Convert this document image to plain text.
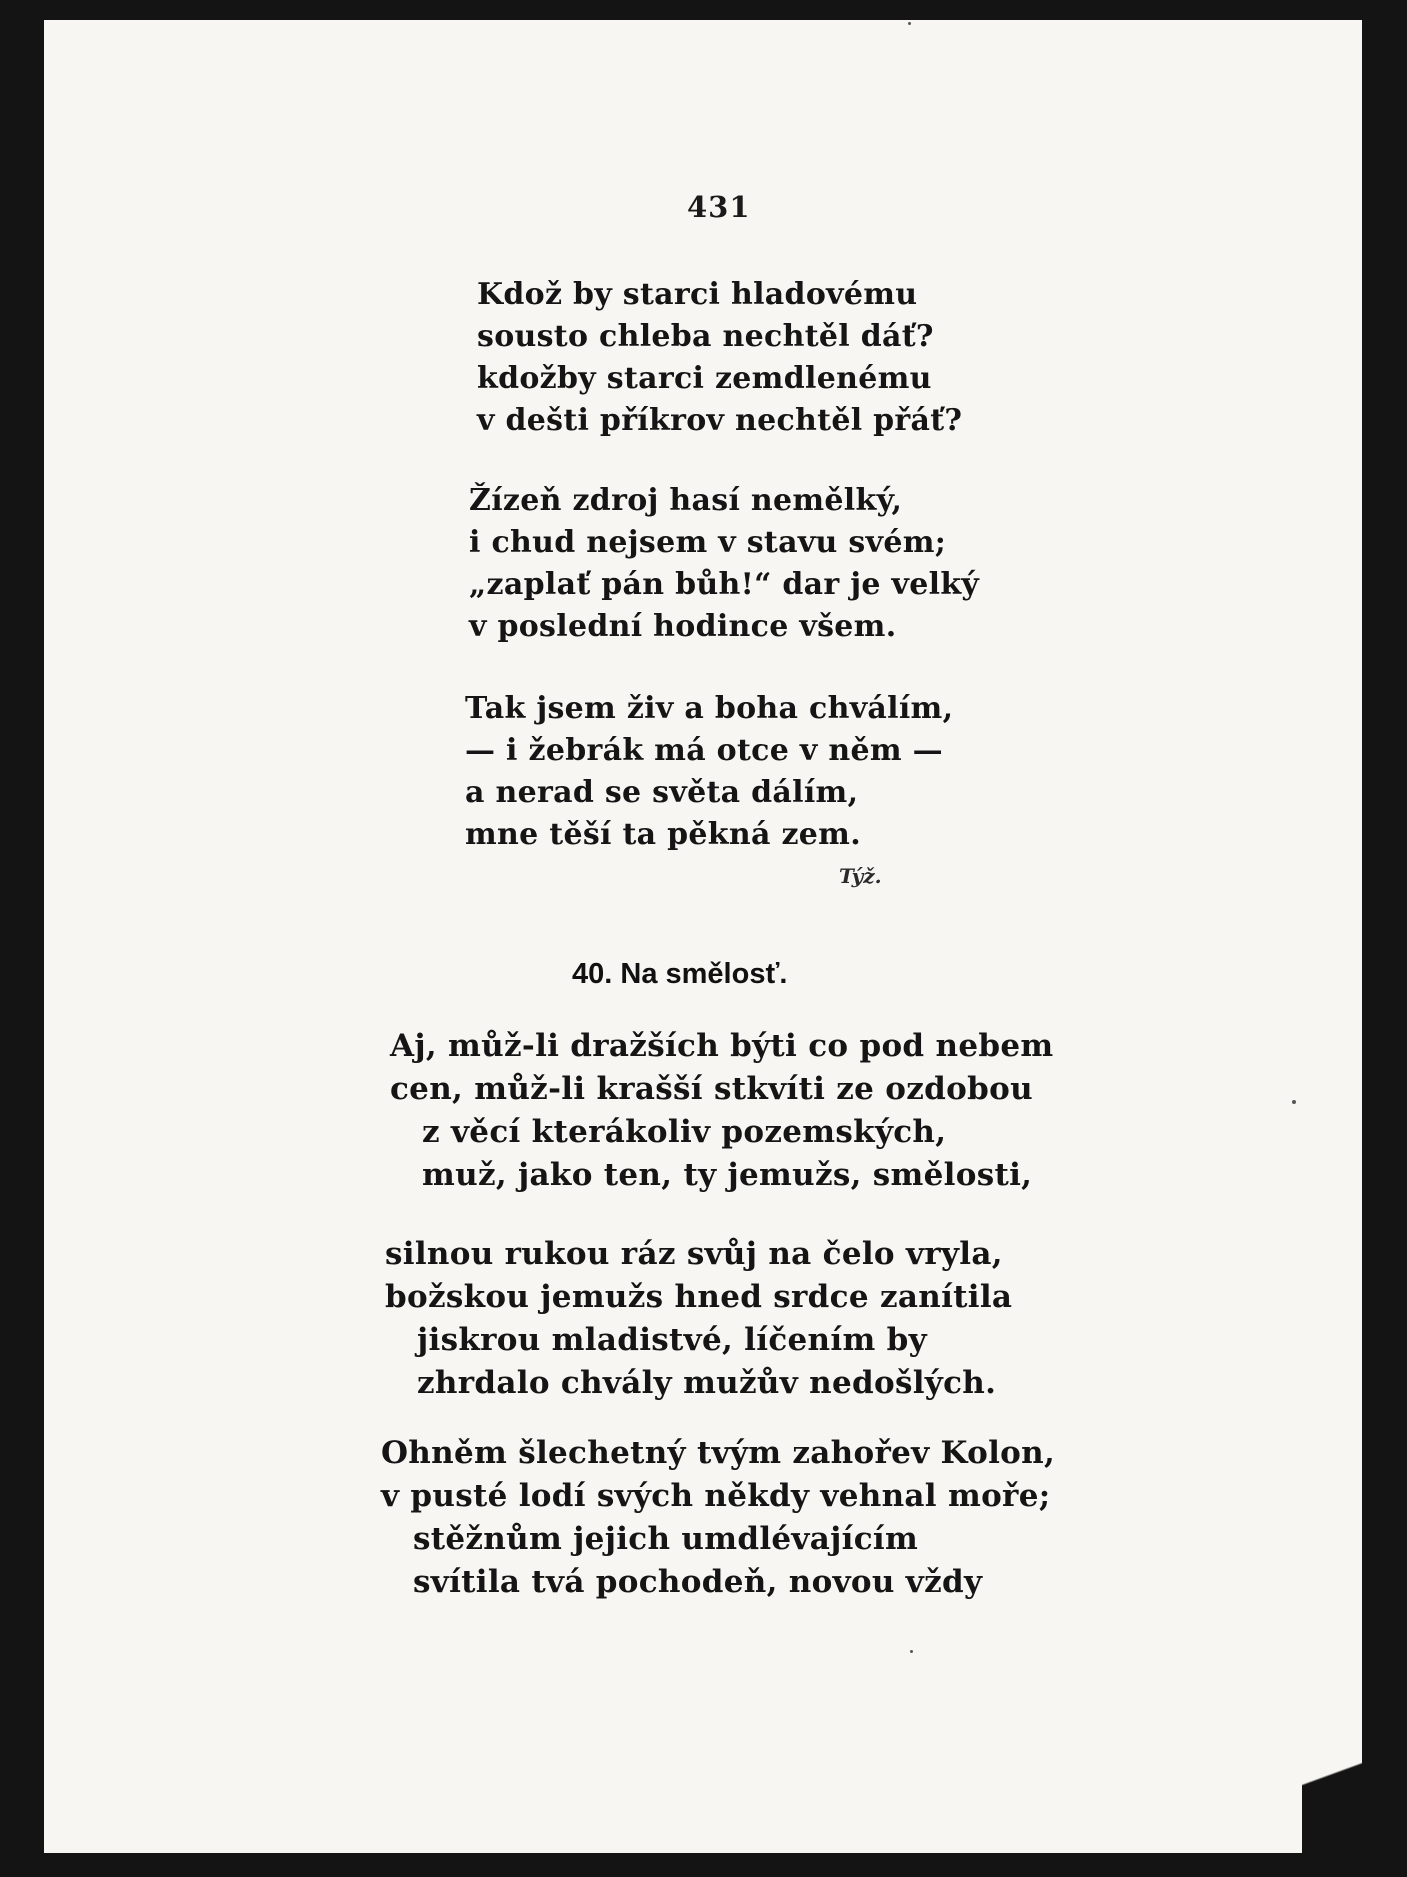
431
Kdož by starci hladovému
sousto chleba nechtěl dáť?
kdožby starci zemdlenému
v dešti příkrov nechtěl přáť?
Žízeň zdroj hasí nemělký,
i chud nejsem v stavu svém;
„zaplať pán bůh!“ dar je velký
v poslední hodince všem.
Tak jsem živ a boha chválím,
— i žebrák má otce v něm —
a nerad se světa dálím,
mne těší ta pěkná zem.
Týž.
40. Na smělosť.
Aj, můž-li dražších býti co pod nebem
cen, můž-li krašší stkvíti ze ozdobou
z věcí kterákoliv pozemských,
muž, jako ten, ty jemužs, smělosti,
silnou rukou ráz svůj na čelo vryla,
božskou jemužs hned srdce zanítila
jiskrou mladistvé, líčením by
zhrdalo chvály mužův nedošlých.
Ohněm šlechetný tvým zahořev Kolon,
v pusté lodí svých někdy vehnal moře;
stěžnům jejich umdlévajícím
svítila tvá pochodeň, novou vždy
